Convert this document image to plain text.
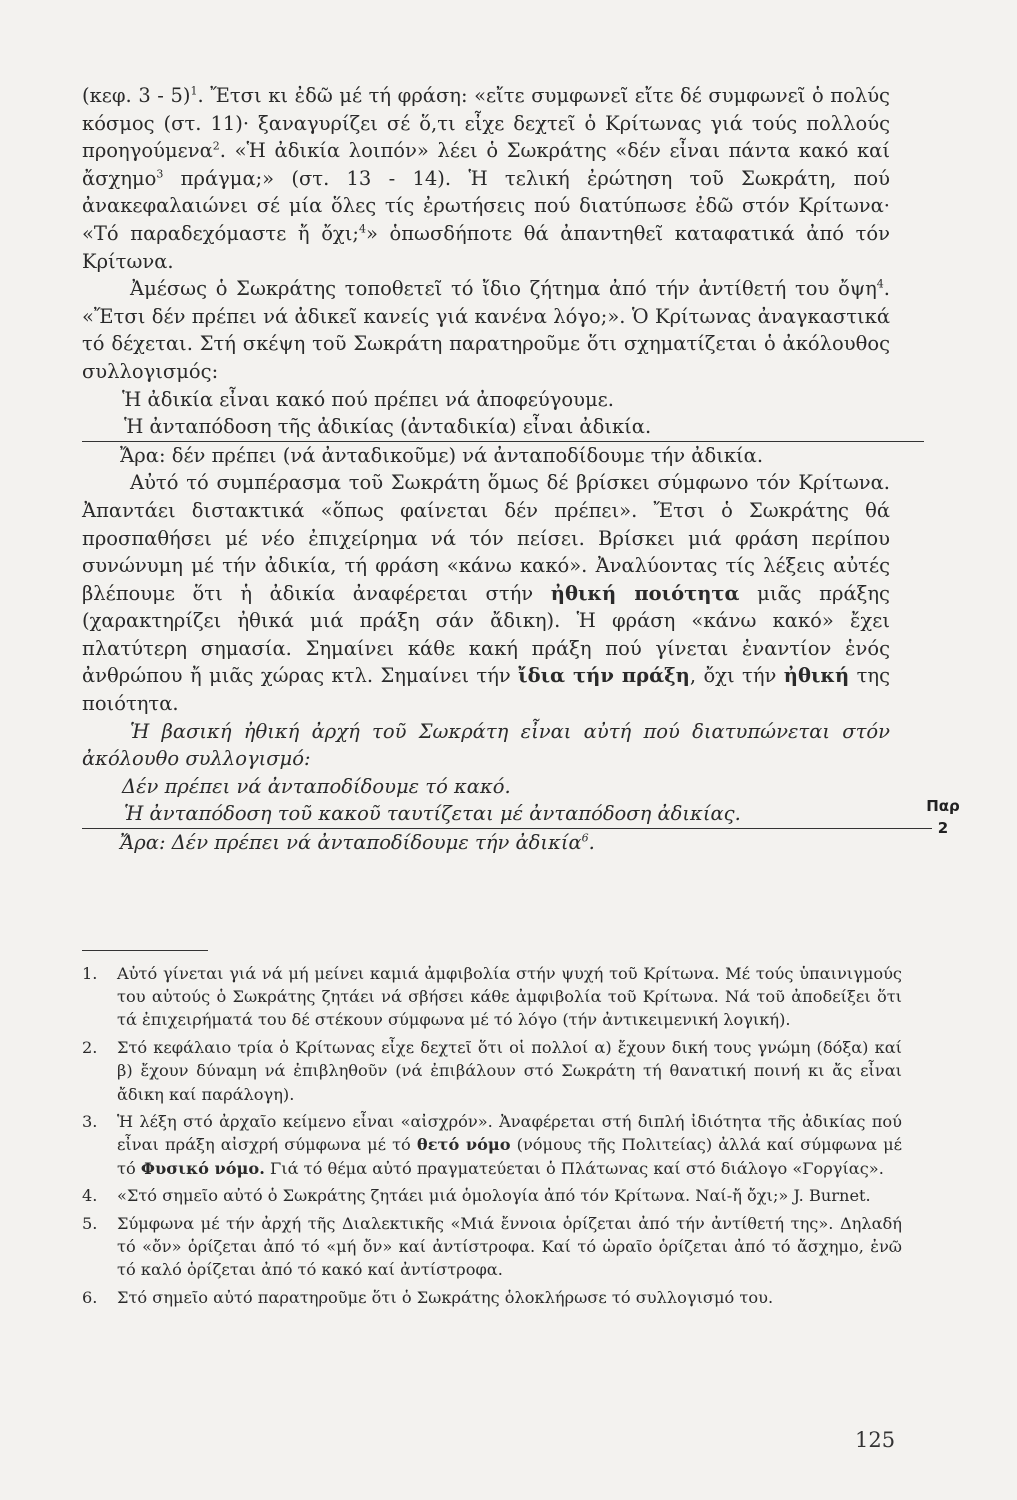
(κεφ. 3 - 5)$^1$. Ἔτσι κι ἐδῶ μέ τή φράση: «εἴτε συμφωνεῖ εἴτε δέ συμφωνεῖ ὁ πολύς κόσμος (στ. 11)· ξαναγυρίζει σέ ὅ,τι εἶχε δεχτεῖ ὁ Κρίτωνας γιά τούς πολλούς προηγούμενα$^2$. «Ἡ ἀδικία λοιπόν» λέει ὁ Σωκράτης «δέν εἶναι πάντα κακό καί ἄσχημο$^3$ πράγμα;» (στ. 13 - 14). Ἡ τελική ἐρώτηση τοῦ Σωκράτη, πού ἀνακεφαλαιώνει σέ μία ὅλες τίς ἐρωτήσεις πού διατύπωσε ἐδῶ στόν Κρίτωνα· «Τό παραδεχόμαστε ἤ ὄχι;$^4$» ὁπωσδήποτε θά ἀπαντηθεῖ καταφατικά ἀπό τόν Κρίτωνα.

Ἀμέσως ὁ Σωκράτης τοποθετεῖ τό ἴδιο ζήτημα ἀπό τήν ἀντίθετή του ὄψη$^4$. «Ἔτσι δέν πρέπει νά ἀδικεῖ κανείς γιά κανένα λόγο;». Ὁ Κρίτωνας ἀναγκαστικά τό δέχεται. Στή σκέψη τοῦ Σωκράτη παρατηροῦμε ὅτι σχηματίζεται ὁ ἀκόλουθος συλλογισμός:

Ἡ ἀδικία εἶναι κακό πού πρέπει νά ἀποφεύγουμε.

Ἡ ἀνταπόδοση τῆς ἀδικίας (ἀνταδικία) εἶναι ἀδικία.

Ἄρα: δέν πρέπει (νά ἀνταδικοῦμε) νά ἀνταποδίδουμε τήν ἀδικία.

Αὐτό τό συμπέρασμα τοῦ Σωκράτη ὅμως δέ βρίσκει σύμφωνο τόν Κρίτωνα. Ἀπαντάει διστακτικά «ὅπως φαίνεται δέν πρέπει». Ἔτσι ὁ Σωκράτης θά προσπαθήσει μέ νέο ἐπιχείρημα νά τόν πείσει. Βρίσκει μιά φράση περίπου συνώνυμη μέ τήν ἀδικία, τή φράση «κάνω κακό». Ἀναλύοντας τίς λέξεις αὐτές βλέπουμε ὅτι ἡ ἀδικία ἀναφέρεται στήν ἠθική ποιότητα μιᾶς πράξης (χαρακτηρίζει ἠθικά μιά πράξη σάν ἄδικη). Ἡ φράση «κάνω κακό» ἔχει πλατύτερη σημασία. Σημαίνει κάθε κακή πράξη πού γίνεται ἐναντίον ἑνός ἀνθρώπου ἤ μιᾶς χώρας κτλ. Σημαίνει τήν ἴδια τήν πράξη, ὄχι τήν ἠθική της ποιότητα.

Ἡ βασική ἠθική ἀρχή τοῦ Σωκράτη εἶναι αὐτή πού διατυπώνεται στόν ἀκόλουθο συλλογισμό:

Δέν πρέπει νά ἀνταποδίδουμε τό κακό.

Ἡ ἀνταπόδοση τοῦ κακοῦ ταυτίζεται μέ ἀνταπόδοση ἀδικίας.

Ἄρα: Δέν πρέπει νά ἀνταποδίδουμε τήν ἀδικία$^6$.

1. Αὐτό γίνεται γιά νά μή μείνει καμιά ἀμφιβολία στήν ψυχή τοῦ Κρίτωνα. Μέ τούς ὑπαινιγμούς του αὐτούς ὁ Σωκράτης ζητάει νά σβήσει κάθε ἀμφιβολία τοῦ Κρίτωνα. Νά τοῦ ἀποδείξει ὅτι τά ἐπιχειρήματά του δέ στέκουν σύμφωνα μέ τό λόγο (τήν ἀντικειμενική λογική).

2. Στό κεφάλαιο τρία ὁ Κρίτωνας εἶχε δεχτεῖ ὅτι οἱ πολλοί α) ἔχουν δική τους γνώμη (δόξα) καί β) ἔχουν δύναμη νά ἐπιβληθοῦν (νά ἐπιβάλουν στό Σωκράτη τή θανατική ποινή κι ἄς εἶναι ἄδικη καί παράλογη).

3. Ἡ λέξη στό ἀρχαῖο κείμενο εἶναι «αἰσχρόν». Ἀναφέρεται στή διπλή ἰδιότητα τῆς ἀδικίας πού εἶναι πράξη αἰσχρή σύμφωνα μέ τό θετό νόμο (νόμους τῆς Πολιτείας) ἀλλά καί σύμφωνα μέ τό Φυσικό νόμο. Γιά τό θέμα αὐτό πραγματεύεται ὁ Πλάτωνας καί στό διάλογο «Γοργίας».

4. «Στό σημεῖο αὐτό ὁ Σωκράτης ζητάει μιά ὁμολογία ἀπό τόν Κρίτωνα. Ναί-ἤ ὄχι;» J. Burnet.

5. Σύμφωνα μέ τήν ἀρχή τῆς Διαλεκτικῆς «Μιά ἔννοια ὁρίζεται ἀπό τήν ἀντίθετή της». Δηλαδή τό «ὄν» ὁρίζεται ἀπό τό «μή ὄν» καί ἀντίστροφα. Καί τό ὡραῖο ὁρίζεται ἀπό τό ἄσχημο, ἐνῶ τό καλό ὁρίζεται ἀπό τό κακό καί ἀντίστροφα.

6. Στό σημεῖο αὐτό παρατηροῦμε ὅτι ὁ Σωκράτης ὁλοκλήρωσε τό συλλογισμό του.

Παρ
2
125
